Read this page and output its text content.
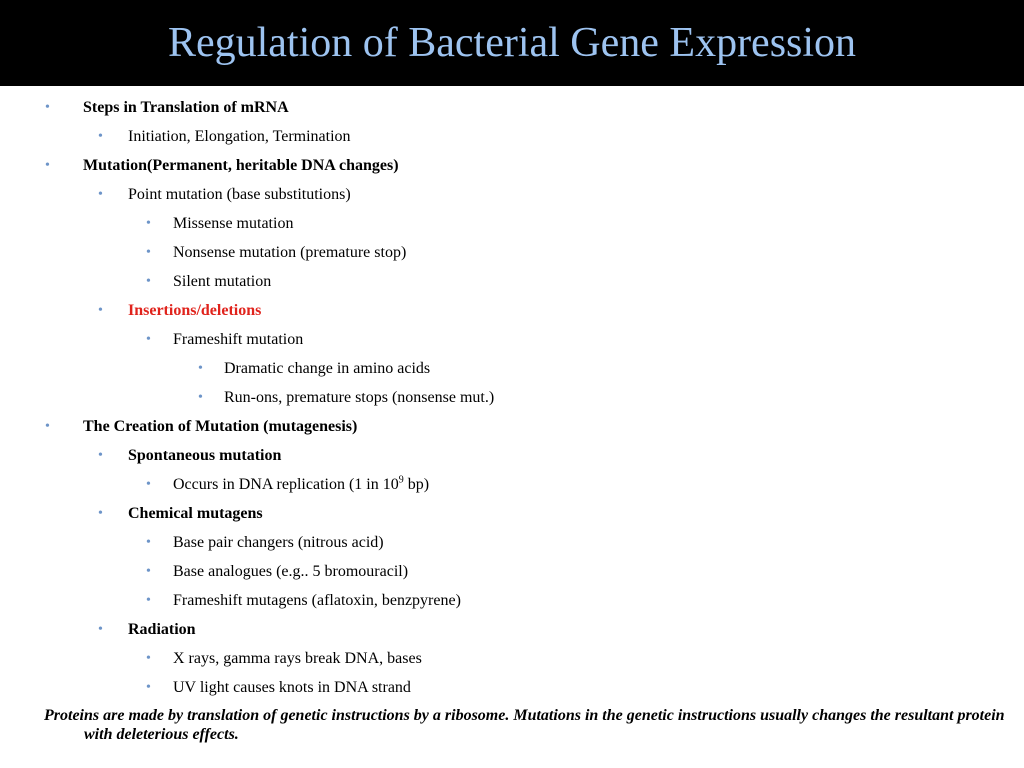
Regulation of Bacterial Gene Expression
• Steps in Translation of mRNA
• Initiation, Elongation, Termination
• Mutation(Permanent, heritable DNA changes)
• Point mutation (base substitutions)
• Missense mutation
• Nonsense mutation (premature stop)
• Silent mutation
• Insertions/deletions
• Frameshift mutation
• Dramatic change in amino acids
• Run-ons, premature stops (nonsense mut.)
• The Creation of Mutation (mutagenesis)
• Spontaneous mutation
• Occurs in DNA replication (1 in $10^9$ bp)
• Chemical mutagens
• Base pair changers (nitrous acid)
• Base analogues (e.g.. 5 bromouracil)
• Frameshift mutagens (aflatoxin, benzpyrene)
• Radiation
• X rays, gamma rays break DNA, bases
• UV light causes knots in DNA strand
Proteins are made by translation of genetic instructions by a ribosome. Mutations in the genetic instructions usually changes the resultant protein with deleterious effects.
